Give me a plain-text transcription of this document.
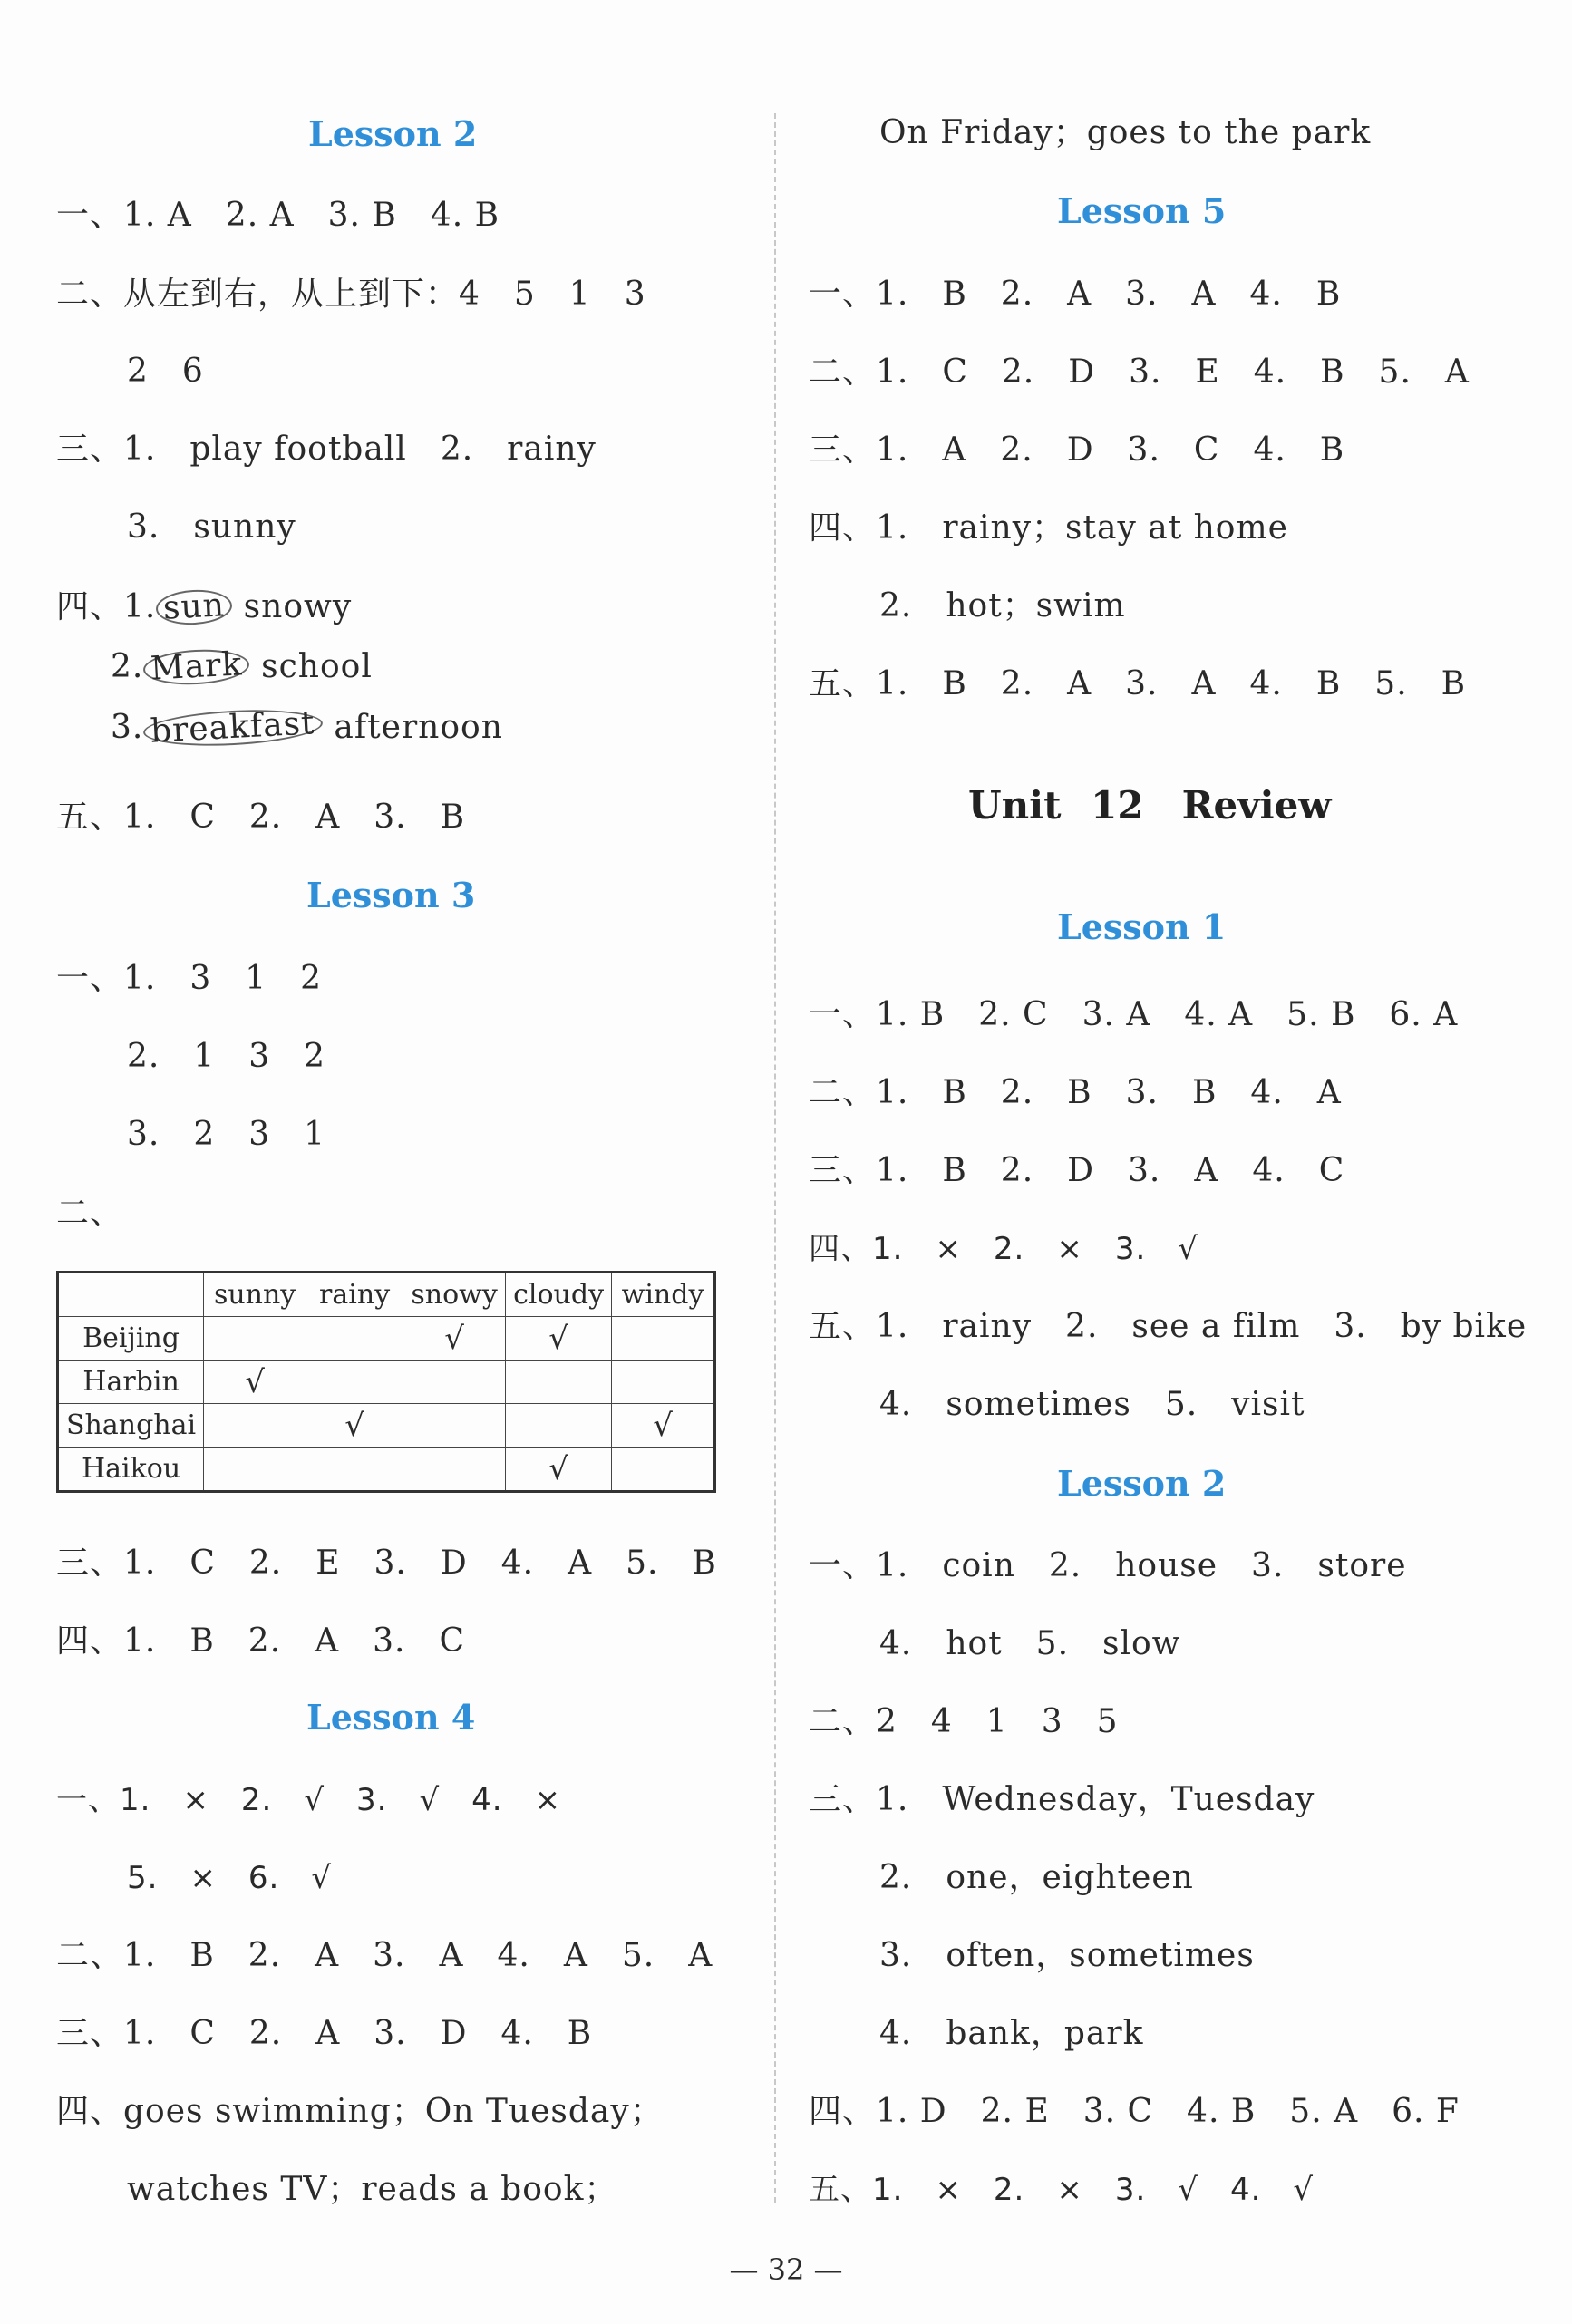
Lesson 2
一、1. A　2. A　3. B　4. B
二、从左到右，从上到下：4　5　1　3
2　6
三、1.　play football　2.　rainy
3.　sunny
四、1. sun snowy
2. Mark school
3. breakfast afternoon
五、1.　C　2.　A　3.　B
Lesson 3
一、1.　3　1　2
2.　1　3　2
3.　2　3　1
二、
	sunny	rainy	snowy	cloudy	windy
Beijing			√	√	
Harbin	√				
Shanghai		√			√
Haikou				√	
三、1.　C　2.　E　3.　D　4.　A　5.　B
四、1.　B　2.　A　3.　C
Lesson 4
一、1.　×　2.　√　3.　√　4.　×
5.　×　6.　√
二、1.　B　2.　A　3.　A　4.　A　5.　A
三、1.　C　2.　A　3.　D　4.　B
四、goes swimming；On Tuesday；
watches TV；reads a book；
On Friday；goes to the park
Lesson 5
一、1.　B　2.　A　3.　A　4.　B
二、1.　C　2.　D　3.　E　4.　B　5.　A
三、1.　A　2.　D　3.　C　4.　B
四、1.　rainy；stay at home
2.　hot；swim
五、1.　B　2.　A　3.　A　4.　B　5.　B
Unit 12　Review
Lesson 1
一、1. B　2. C　3. A　4. A　5. B　6. A
二、1.　B　2.　B　3.　B　4.　A
三、1.　B　2.　D　3.　A　4.　C
四、1.　×　2.　×　3.　√
五、1.　rainy　2.　see a film　3.　by bike
4.　sometimes　5.　visit
Lesson 2
一、1.　coin　2.　house　3.　store
4.　hot　5.　slow
二、2　4　1　3　5
三、1.　Wednesday，Tuesday
2.　one，eighteen
3.　often，sometimes
4.　bank，park
四、1. D　2. E　3. C　4. B　5. A　6. F
五、1.　×　2.　×　3.　√　4.　√
— 32 —
